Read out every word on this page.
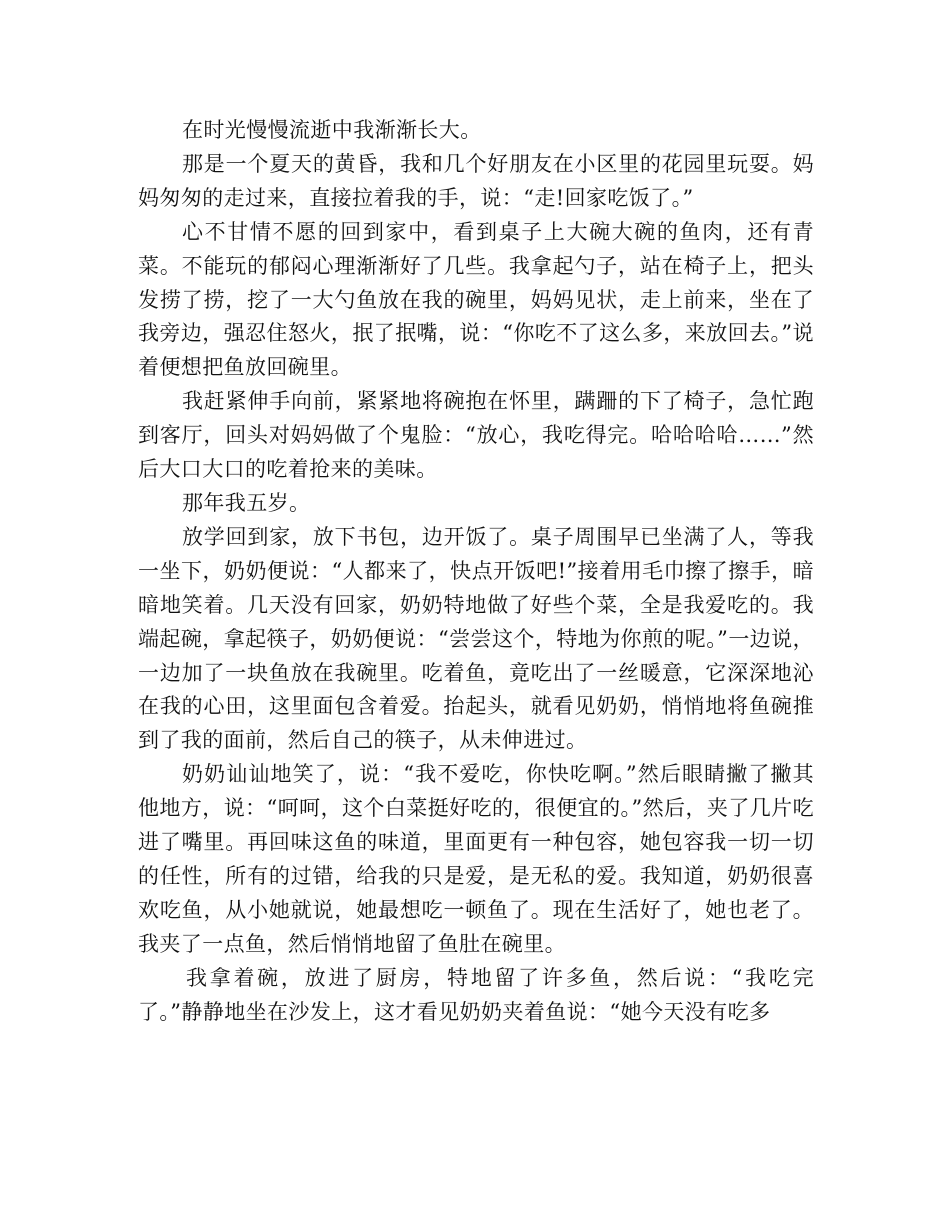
在时光慢慢流逝中我渐渐长大。

那是一个夏天的黄昏，我和几个好朋友在小区里的花园里玩耍。妈妈匆匆的走过来，直接拉着我的手，说：“走!回家吃饭了。”

心不甘情不愿的回到家中，看到桌子上大碗大碗的鱼肉，还有青菜。不能玩的郁闷心理渐渐好了几些。我拿起勺子，站在椅子上，把头发捞了捞，挖了一大勺鱼放在我的碗里，妈妈见状，走上前来，坐在了我旁边，强忍住怒火，抿了抿嘴，说：“你吃不了这么多，来放回去。”说着便想把鱼放回碗里。

我赶紧伸手向前，紧紧地将碗抱在怀里，蹒跚的下了椅子，急忙跑到客厅，回头对妈妈做了个鬼脸：“放心，我吃得完。哈哈哈哈……”然后大口大口的吃着抢来的美味。

那年我五岁。

放学回到家，放下书包，边开饭了。桌子周围早已坐满了人，等我一坐下，奶奶便说：“人都来了，快点开饭吧!”接着用毛巾擦了擦手，暗暗地笑着。几天没有回家，奶奶特地做了好些个菜，全是我爱吃的。我端起碗，拿起筷子，奶奶便说：“尝尝这个，特地为你煎的呢。”一边说，一边加了一块鱼放在我碗里。吃着鱼，竟吃出了一丝暖意，它深深地沁在我的心田，这里面包含着爱。抬起头，就看见奶奶，悄悄地将鱼碗推到了我的面前，然后自己的筷子，从未伸进过。

奶奶讪讪地笑了，说：“我不爱吃，你快吃啊。”然后眼睛撇了撇其他地方，说：“呵呵，这个白菜挺好吃的，很便宜的。”然后，夹了几片吃进了嘴里。再回味这鱼的味道，里面更有一种包容，她包容我一切一切的任性，所有的过错，给我的只是爱，是无私的爱。我知道，奶奶很喜欢吃鱼，从小她就说，她最想吃一顿鱼了。现在生活好了，她也老了。我夹了一点鱼，然后悄悄地留了鱼肚在碗里。

我拿着碗，放进了厨房，特地留了许多鱼，然后说：“我吃完了。”静静地坐在沙发上，这才看见奶奶夹着鱼说：“她今天没有吃多
